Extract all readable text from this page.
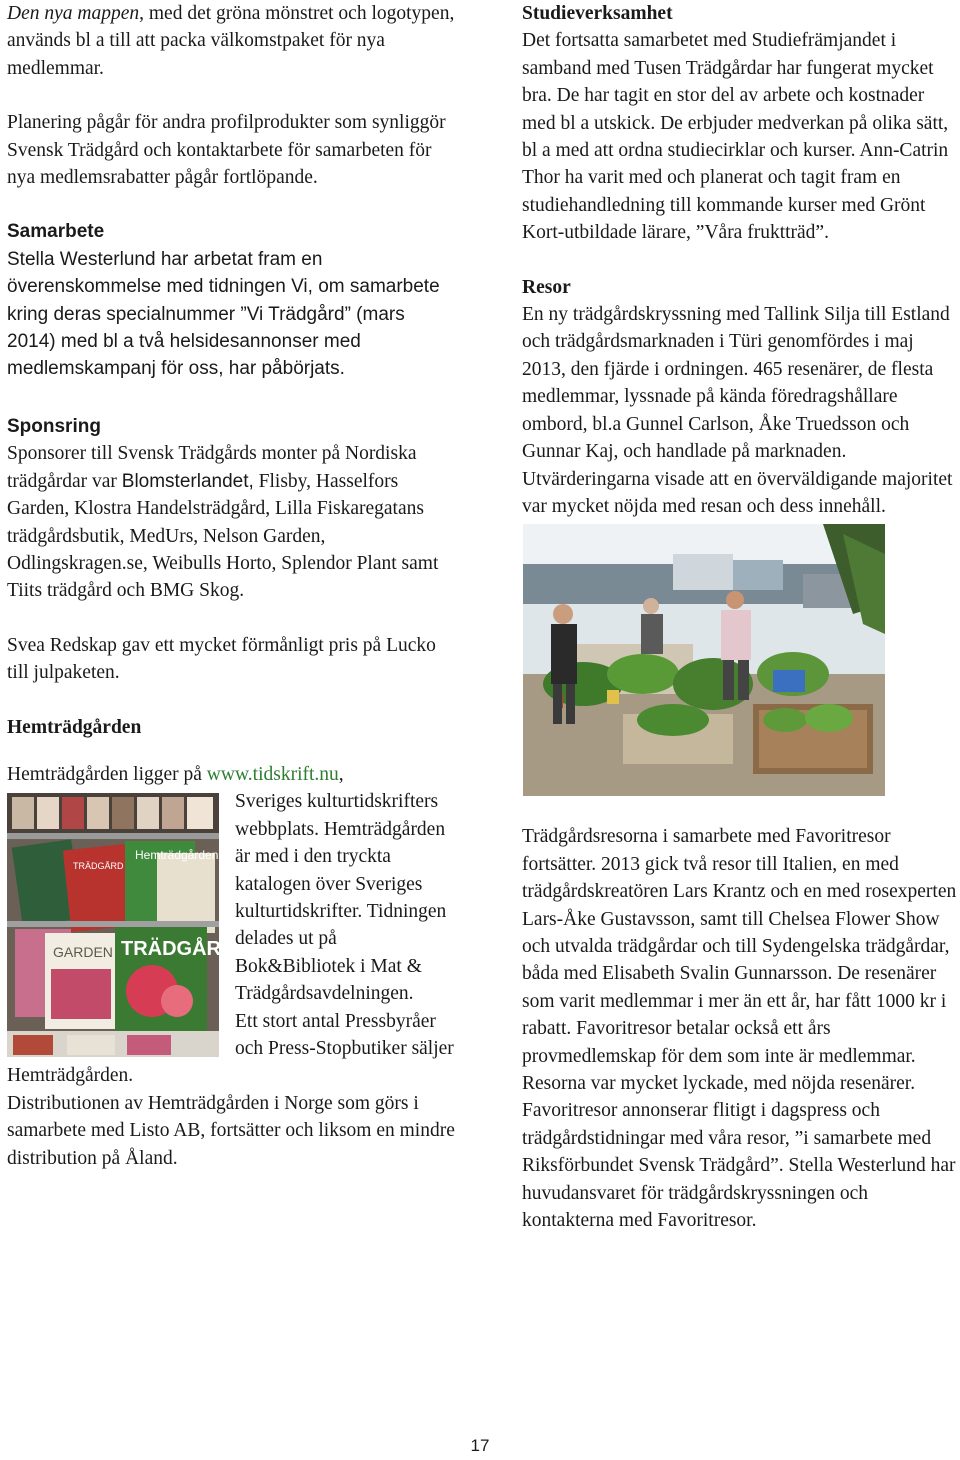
Den nya mappen, med det gröna mönstret och logotypen, används bl a till att packa välkomstpaket för nya medlemmar.

Planering pågår för andra profilprodukter som synliggör Svensk Trädgård och kontaktarbete för samarbeten för nya medlemsrabatter pågår fortlöpande.

Samarbete

Stella Westerlund har arbetat fram en överenskommelse med tidningen Vi, om samarbete kring deras specialnummer ”Vi Trädgård” (mars 2014) med bl a två helsidesannonser med medlemskampanj för oss, har påbörjats.

Sponsring

Sponsorer till Svensk Trädgårds monter på Nordiska trädgårdar var Blomsterlandet, Flisby, Hasselfors Garden, Klostra Handelsträdgård, Lilla Fiskaregatans trädgårdsbutik, MedUrs, Nelson Garden, Odlingskragen.se, Weibulls Horto, Splendor Plant samt Tiits trädgård och BMG Skog.

Svea Redskap gav ett mycket förmånligt pris på Lucko till julpaketen.

Hemträdgården

Hemträdgården ligger på www.tidskrift.nu,

Hemträdgården
TRÄDGÅRD
GARDEN TRÄDGÅRD

Sveriges kulturtidskrifters webbplats. Hemträdgården är med i den tryckta katalogen över Sveriges kulturtidskrifter. Tidningen delades ut på Bok&Bibliotek i Mat & Trädgårdsavdelningen.

Ett stort antal Pressbyråer och Press-Stopbutiker säljer Hemträdgården.

Distributionen av Hemträdgården i Norge som görs i samarbete med Listo AB, fortsätter och liksom en mindre distribution på Åland.

Studieverksamhet

Det fortsatta samarbetet med Studiefrämjandet i samband med Tusen Trädgårdar har fungerat mycket bra. De har tagit en stor del av arbete och kostnader med bl a utskick. De erbjuder medverkan på olika sätt, bl a med att ordna studiecirklar och kurser. Ann-Catrin Thor ha varit med och planerat och tagit fram en studiehandledning till kommande kurser med Grönt Kort-utbildade lärare, ”Våra fruktträd”.

Resor

En ny trädgårdskryssning med Tallink Silja till Estland och trädgårdsmarknaden i Türi genomfördes i maj 2013, den fjärde i ordningen. 465 resenärer, de flesta medlemmar, lyssnade på kända föredragshållare ombord, bl.a Gunnel Carlson, Åke Truedsson och Gunnar Kaj, och handlade på marknaden. Utvärderingarna visade att en överväldigande majoritet var mycket nöjda med resan och dess innehåll.

Trädgårdsresorna i samarbete med Favoritresor fortsätter. 2013 gick två resor till Italien, en med trädgårdskreatören Lars Krantz och en med rosexperten Lars-Åke Gustavsson, samt till Chelsea Flower Show och utvalda trädgårdar och till Sydengelska trädgårdar, båda med Elisabeth Svalin Gunnarsson. De resenärer som varit medlemmar i mer än ett år, har fått 1000 kr i rabatt. Favoritresor betalar också ett års provmedlemskap för dem som inte är medlemmar. Resorna var mycket lyckade, med nöjda resenärer. Favoritresor annonserar flitigt i dagspress och trädgårdstidningar med våra resor, ”i samarbete med Riksförbundet Svensk Trädgård”. Stella Westerlund har huvudansvaret för trädgårdskryssningen och kontakterna med Favoritresor.

17
